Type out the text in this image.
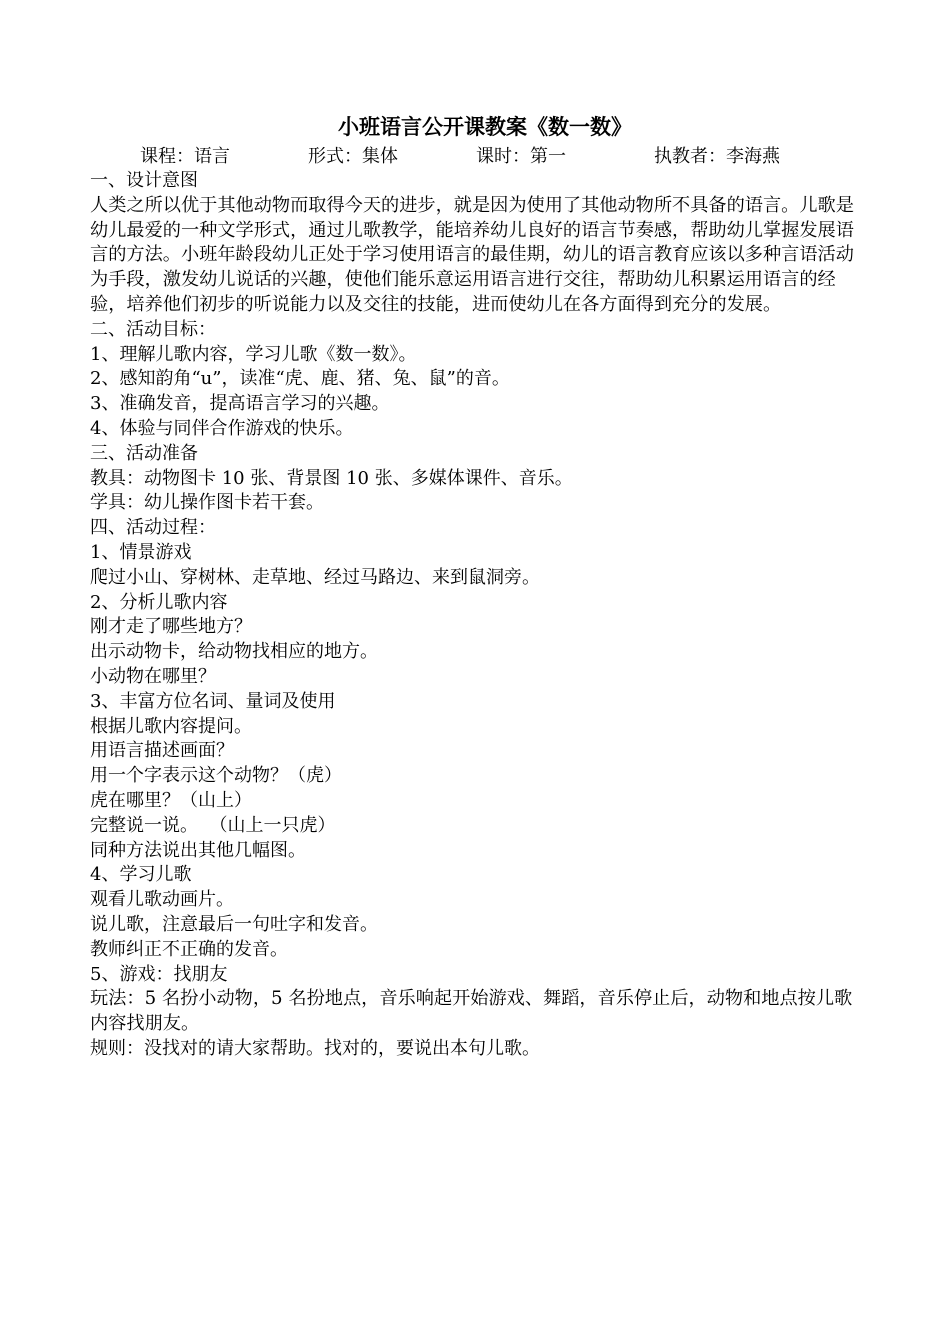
小班语言公开课教案《数一数》
课程：语言	形式：集体	课时：第一	执教者：李海燕
一、设计意图

人类之所以优于其他动物而取得今天的进步，就是因为使用了其他动物所不具备的语言。儿歌是幼儿最爱的一种文学形式，通过儿歌教学，能培养幼儿良好的语言节奏感，帮助幼儿掌握发展语言的方法。小班年龄段幼儿正处于学习使用语言的最佳期，幼儿的语言教育应该以多种言语活动为手段，激发幼儿说话的兴趣，使他们能乐意运用语言进行交往，帮助幼儿积累运用语言的经验，培养他们初步的听说能力以及交往的技能，进而使幼儿在各方面得到充分的发展。

二、活动目标：
1、理解儿歌内容，学习儿歌《数一数》。
2、感知韵角“u”，读准“虎、鹿、猪、兔、鼠”的音。
3、准确发音，提高语言学习的兴趣。
4、体验与同伴合作游戏的快乐。
三、活动准备
教具：动物图卡 10 张、背景图 10 张、多媒体课件、音乐。
学具：幼儿操作图卡若干套。
四、活动过程：
1、情景游戏
爬过小山、穿树林、走草地、经过马路边、来到鼠洞旁。
2、分析儿歌内容
刚才走了哪些地方？
出示动物卡，给动物找相应的地方。
小动物在哪里？
3、丰富方位名词、量词及使用
根据儿歌内容提问。
用语言描述画面？
用一个字表示这个动物？（虎）
虎在哪里？（山上）
完整说一说。  （山上一只虎）
同种方法说出其他几幅图。
4、学习儿歌
观看儿歌动画片。
说儿歌，注意最后一句吐字和发音。
教师纠正不正确的发音。
5、游戏：找朋友

玩法：5 名扮小动物，5 名扮地点，音乐响起开始游戏、舞蹈，音乐停止后，动物和地点按儿歌内容找朋友。

规则：没找对的请大家帮助。找对的，要说出本句儿歌。
